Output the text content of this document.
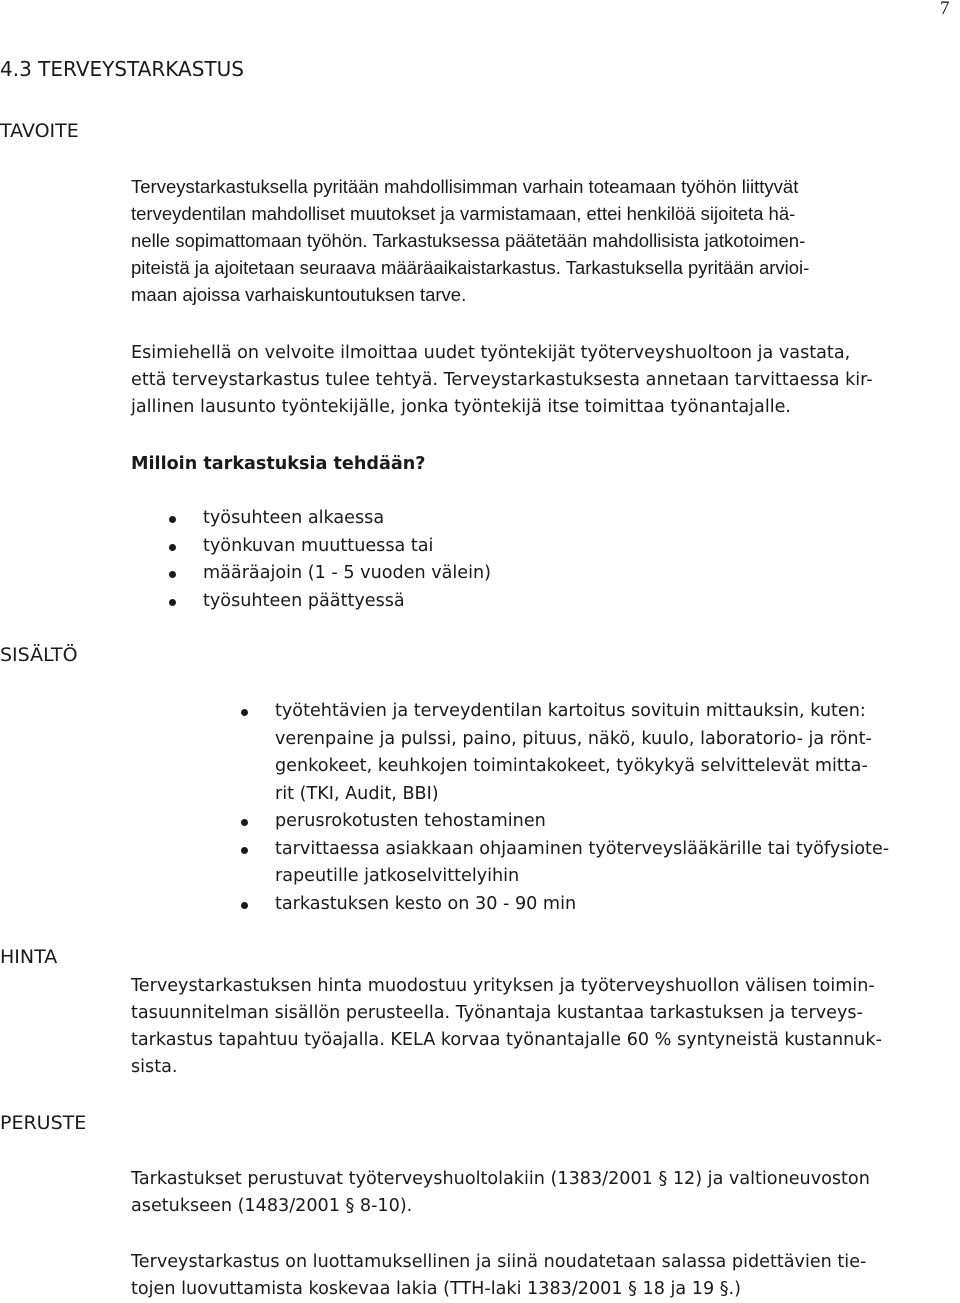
7
4.3 TERVEYSTARKASTUS
TAVOITE
Terveystarkastuksella pyritään mahdollisimman varhain toteamaan työhön liittyvät
terveydentilan mahdolliset muutokset ja varmistamaan, ettei henkilöä sijoiteta hä-
nelle sopimattomaan työhön. Tarkastuksessa päätetään mahdollisista jatkotoimen-
piteistä ja ajoitetaan seuraava määräaikaistarkastus. Tarkastuksella pyritään arvioi-
maan ajoissa varhaiskuntoutuksen tarve.
Esimiehellä on velvoite ilmoittaa uudet työntekijät työterveyshuoltoon ja vastata,
että terveystarkastus tulee tehtyä. Terveystarkastuksesta annetaan tarvittaessa kir-
jallinen lausunto työntekijälle, jonka työntekijä itse toimittaa työnantajalle.
Milloin tarkastuksia tehdään?
työsuhteen alkaessa
työnkuvan muuttuessa tai
määräajoin (1 - 5 vuoden välein)
työsuhteen päättyessä
SISÄLTÖ
työtehtävien ja terveydentilan kartoitus sovituin mittauksin, kuten:
verenpaine ja pulssi, paino, pituus, näkö, kuulo, laboratorio- ja rönt-
genkokeet, keuhkojen toimintakokeet, työkykyä selvittelevät mitta-
rit (TKI, Audit, BBI)
perusrokotusten tehostaminen
tarvittaessa asiakkaan ohjaaminen työterveyslääkärille tai työfysiote-
rapeutille jatkoselvittelyihin
tarkastuksen kesto on 30 - 90 min
HINTA
Terveystarkastuksen hinta muodostuu yrityksen ja työterveyshuollon välisen toimin-
tasuunnitelman sisällön perusteella. Työnantaja kustantaa tarkastuksen ja terveys-
tarkastus tapahtuu työajalla. KELA korvaa työnantajalle 60 % syntyneistä kustannuk-
sista.
PERUSTE
Tarkastukset perustuvat työterveyshuoltolakiin (1383/2001 § 12) ja valtioneuvoston
asetukseen (1483/2001 § 8-10).
Terveystarkastus on luottamuksellinen ja siinä noudatetaan salassa pidettävien tie-
tojen luovuttamista koskevaa lakia (TTH-laki 1383/2001 § 18 ja 19 §.)
